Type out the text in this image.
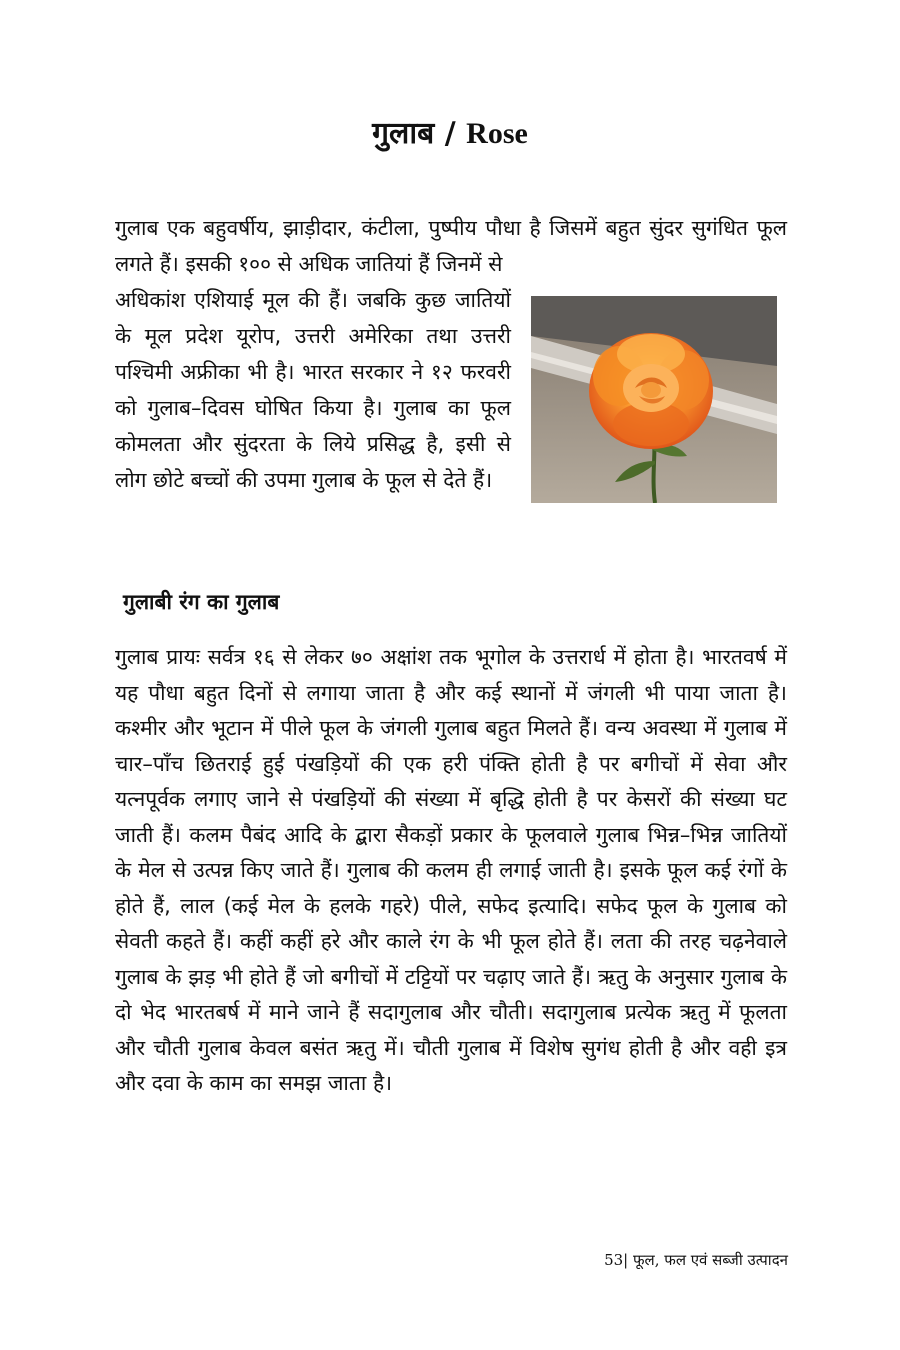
गुलाब / Rose

गुलाब एक बहुवर्षीय, झाड़ीदार, कंटीला, पुष्पीय पौधा है जिसमें बहुत सुंदर सुगंधित फूल लगते हैं। इसकी १०० से अधिक जातियां हैं जिनमें से

अधिकांश एशियाई मूल की हैं। जबकि कुछ जातियों के मूल प्रदेश यूरोप, उत्तरी अमेरिका तथा उत्तरी पश्चिमी अफ्रीका भी है। भारत सरकार ने १२ फरवरी को गुलाब–दिवस घोषित किया है। गुलाब का फूल कोमलता और सुंदरता के लिये प्रसिद्ध है, इसी से लोग छोटे बच्चों की उपमा गुलाब के फूल से देते हैं।

गुलाबी रंग का गुलाब

गुलाब प्रायः सर्वत्र १६ से लेकर ७० अक्षांश तक भूगोल के उत्तरार्ध में होता है। भारतवर्ष में यह पौधा बहुत दिनों से लगाया जाता है और कई स्थानों में जंगली भी पाया जाता है। कश्मीर और भूटान में पीले फूल के जंगली गुलाब बहुत मिलते हैं। वन्य अवस्था में गुलाब में चार–पाँच छितराई हुई पंखड़ियों की एक हरी पंक्ति होती है पर बगीचों में सेवा और यत्नपूर्वक लगाए जाने से पंखड़ियों की संख्या में बृद्धि होती है पर केसरों की संख्या घट जाती हैं। कलम पैबंद आदि के द्बारा सैकड़ों प्रकार के फूलवाले गुलाब भिन्न–भिन्न जातियों के मेल से उत्पन्न किए जाते हैं। गुलाब की कलम ही लगाई जाती है। इसके फूल कई रंगों के होते हैं, लाल (कई मेल के हलके गहरे) पीले, सफेद इत्यादि। सफेद फूल के गुलाब को सेवती कहते हैं। कहीं कहीं हरे और काले रंग के भी फूल होते हैं। लता की तरह चढ़नेवाले गुलाब के झड़ भी होते हैं जो बगीचों मेें टट्टियों पर चढ़ाए जाते हैं। ऋतु के अनुसार गुलाब के दो भेद भारतबर्ष में माने जाने हैं सदागुलाब और चौती। सदागुलाब प्रत्येक ऋतु में फूलता और चौती गुलाब केवल बसंत ऋतु में। चौती गुलाब में विशेष सुगंध होती है और वही इत्र और दवा के काम का समझ जाता है।

53| फूल, फल एवं सब्जी उत्पादन
